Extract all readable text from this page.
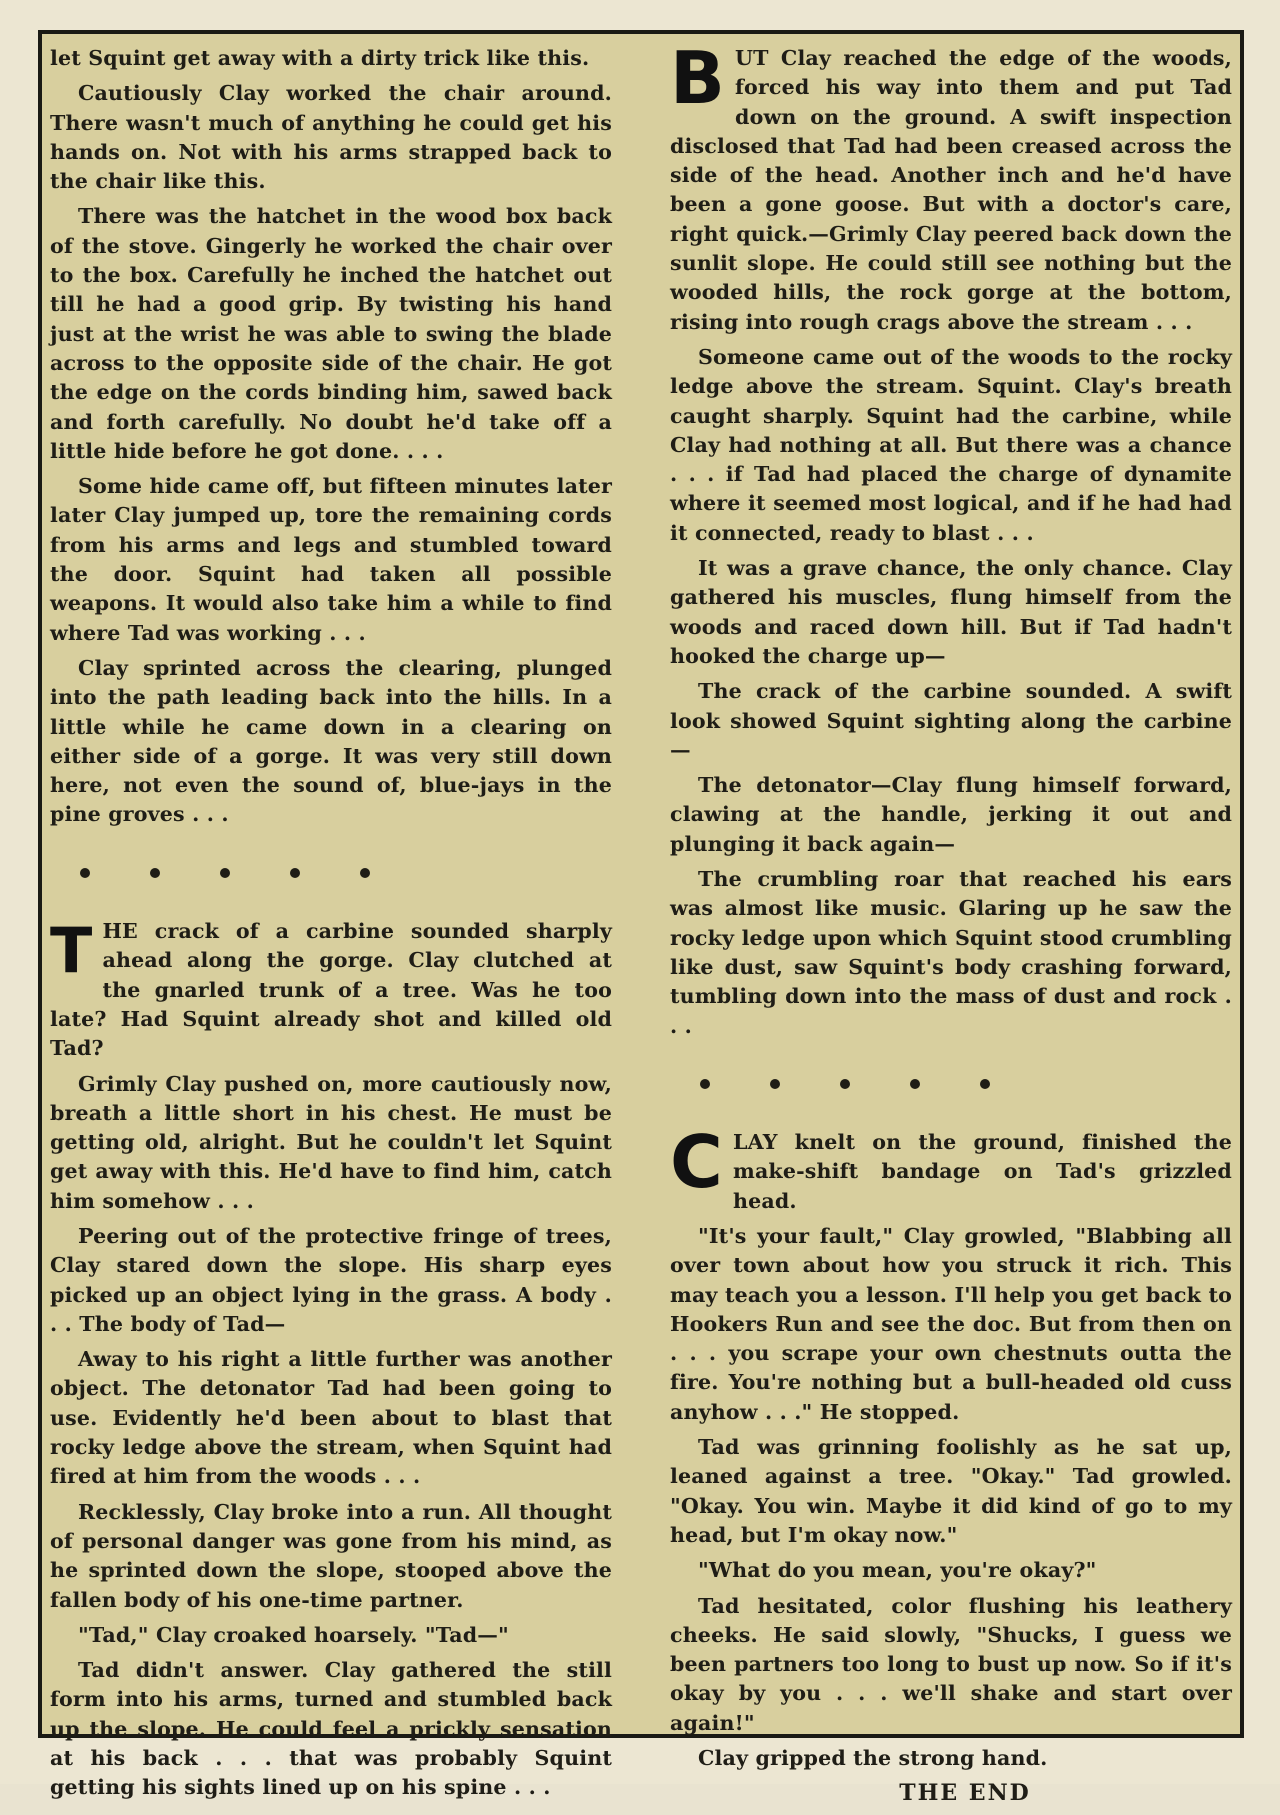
let Squint get away with a dirty trick like this.

Cautiously Clay worked the chair around. There wasn't much of anything he could get his hands on. Not with his arms strapped back to the chair like this.

There was the hatchet in the wood box back of the stove. Gingerly he worked the chair over to the box. Carefully he inched the hatchet out till he had a good grip. By twisting his hand just at the wrist he was able to swing the blade across to the opposite side of the chair. He got the edge on the cords binding him, sawed back and forth carefully. No doubt he'd take off a little hide before he got done. . . .

Some hide came off, but fifteen minutes later later Clay jumped up, tore the remaining cords from his arms and legs and stumbled toward the door. Squint had taken all possible weapons. It would also take him a while to find where Tad was working . . .

Clay sprinted across the clearing, plunged into the path leading back into the hills. In a little while he came down in a clearing on either side of a gorge. It was very still down here, not even the sound of, blue-jays in the pine groves . . .

THE crack of a carbine sounded sharply ahead along the gorge. Clay clutched at the gnarled trunk of a tree. Was he too late? Had Squint already shot and killed old Tad?

Grimly Clay pushed on, more cautiously now, breath a little short in his chest. He must be getting old, alright. But he couldn't let Squint get away with this. He'd have to find him, catch him somehow . . .

Peering out of the protective fringe of trees, Clay stared down the slope. His sharp eyes picked up an object lying in the grass. A body . . . The body of Tad—

Away to his right a little further was another object. The detonator Tad had been going to use. Evidently he'd been about to blast that rocky ledge above the stream, when Squint had fired at him from the woods . . .

Recklessly, Clay broke into a run. All thought of personal danger was gone from his mind, as he sprinted down the slope, stooped above the fallen body of his one-time partner.

"Tad," Clay croaked hoarsely. "Tad—"

Tad didn't answer. Clay gathered the still form into his arms, turned and stumbled back up the slope. He could feel a prickly sensation at his back . . . that was probably Squint getting his sights lined up on his spine . . .

BUT Clay reached the edge of the woods, forced his way into them and put Tad down on the ground. A swift inspection disclosed that Tad had been creased across the side of the head. Another inch and he'd have been a gone goose. But with a doctor's care, right quick.—Grimly Clay peered back down the sunlit slope. He could still see nothing but the wooded hills, the rock gorge at the bottom, rising into rough crags above the stream . . .

Someone came out of the woods to the rocky ledge above the stream. Squint. Clay's breath caught sharply. Squint had the carbine, while Clay had nothing at all. But there was a chance . . . if Tad had placed the charge of dynamite where it seemed most logical, and if he had had it connected, ready to blast . . .

It was a grave chance, the only chance. Clay gathered his muscles, flung himself from the woods and raced down hill. But if Tad hadn't hooked the charge up—

The crack of the carbine sounded. A swift look showed Squint sighting along the carbine—

The detonator—Clay flung himself forward, clawing at the handle, jerking it out and plunging it back again—

The crumbling roar that reached his ears was almost like music. Glaring up he saw the rocky ledge upon which Squint stood crumbling like dust, saw Squint's body crashing forward, tumbling down into the mass of dust and rock . . .

CLAY knelt on the ground, finished the make-shift bandage on Tad's grizzled head.

"It's your fault," Clay growled, "Blabbing all over town about how you struck it rich. This may teach you a lesson. I'll help you get back to Hookers Run and see the doc. But from then on . . . you scrape your own chestnuts outta the fire. You're nothing but a bull-headed old cuss anyhow . . ." He stopped.

Tad was grinning foolishly as he sat up, leaned against a tree. "Okay." Tad growled. "Okay. You win. Maybe it did kind of go to my head, but I'm okay now."

"What do you mean, you're okay?"

Tad hesitated, color flushing his leathery cheeks. He said slowly, "Shucks, I guess we been partners too long to bust up now. So if it's okay by you . . . we'll shake and start over again!"

Clay gripped the strong hand.

THE END
